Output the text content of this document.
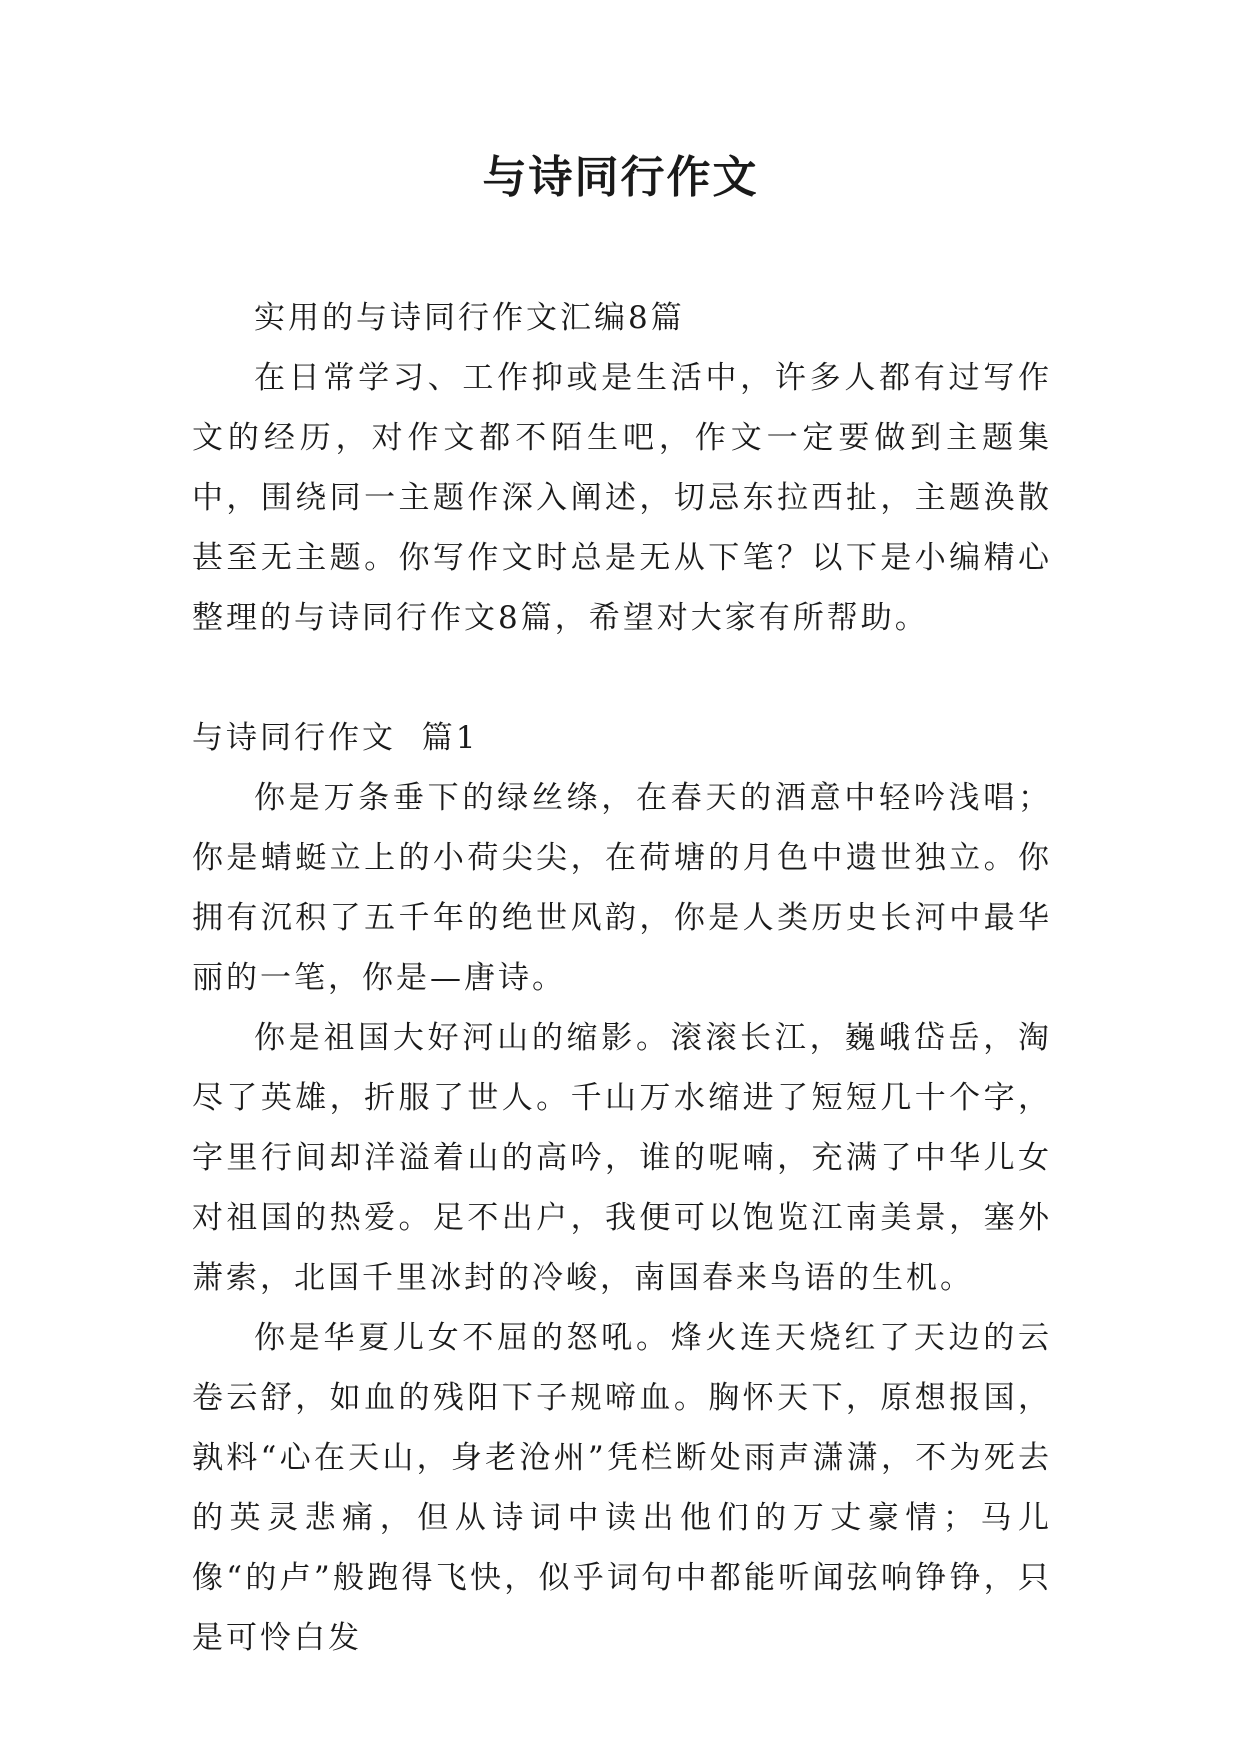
与诗同行作文

实用的与诗同行作文汇编8篇

在日常学习、工作抑或是生活中，许多人都有过写作文的经历，对作文都不陌生吧，作文一定要做到主题集中，围绕同一主题作深入阐述，切忌东拉西扯，主题涣散甚至无主题。你写作文时总是无从下笔？以下是小编精心整理的与诗同行作文8篇，希望对大家有所帮助。

与诗同行作文  篇1

你是万条垂下的绿丝绦，在春天的酒意中轻吟浅唱；你是蜻蜓立上的小荷尖尖，在荷塘的月色中遗世独立。你拥有沉积了五千年的绝世风韵，你是人类历史长河中最华丽的一笔，你是—唐诗。

你是祖国大好河山的缩影。滚滚长江，巍峨岱岳，淘尽了英雄，折服了世人。千山万水缩进了短短几十个字，字里行间却洋溢着山的高吟，谁的呢喃，充满了中华儿女对祖国的热爱。足不出户，我便可以饱览江南美景，塞外萧索，北国千里冰封的冷峻，南国春来鸟语的生机。

你是华夏儿女不屈的怒吼。烽火连天烧红了天边的云卷云舒，如血的残阳下子规啼血。胸怀天下，原想报国，孰料“心在天山，身老沧州”凭栏断处雨声潇潇，不为死去的英灵悲痛，但从诗词中读出他们的万丈豪情；马儿像“的卢”般跑得飞快，似乎词句中都能听闻弦响铮铮，只是可怜白发
